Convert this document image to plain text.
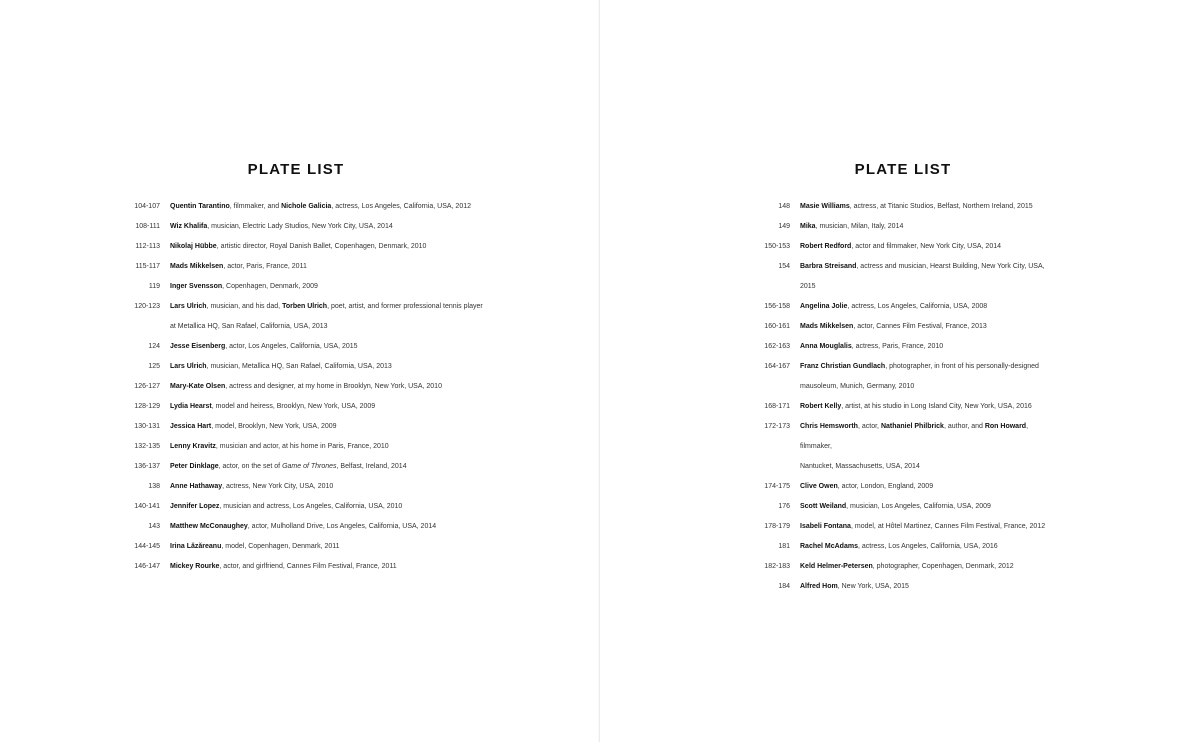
PLATE LIST
104-107	Quentin Tarantino, filmmaker, and Nichole Galicia, actress, Los Angeles, California, USA, 2012
108-111	Wiz Khalifa, musician, Electric Lady Studios, New York City, USA, 2014
112-113	Nikolaj Hübbe, artistic director, Royal Danish Ballet, Copenhagen, Denmark, 2010
115-117	Mads Mikkelsen, actor, Paris, France, 2011
119	Inger Svensson, Copenhagen, Denmark, 2009
120-123	Lars Ulrich, musician, and his dad, Torben Ulrich, poet, artist, and former professional tennis player
at Metallica HQ, San Rafael, California, USA, 2013
124	Jesse Eisenberg, actor, Los Angeles, California, USA, 2015
125	Lars Ulrich, musician, Metallica HQ, San Rafael, California, USA, 2013
126-127	Mary-Kate Olsen, actress and designer, at my home in Brooklyn, New York, USA, 2010
128-129	Lydia Hearst, model and heiress, Brooklyn, New York, USA, 2009
130-131	Jessica Hart, model, Brooklyn, New York, USA, 2009
132-135	Lenny Kravitz, musician and actor, at his home in Paris, France, 2010
136-137	Peter Dinklage, actor, on the set of Game of Thrones, Belfast, Ireland, 2014
138	Anne Hathaway, actress, New York City, USA, 2010
140-141	Jennifer Lopez, musician and actress, Los Angeles, California, USA, 2010
143	Matthew McConaughey, actor, Mulholland Drive, Los Angeles, California, USA, 2014
144-145	Irina Lăzăreanu, model, Copenhagen, Denmark, 2011
146-147	Mickey Rourke, actor, and girlfriend, Cannes Film Festival, France, 2011
PLATE LIST
148	Masie Williams, actress, at Titanic Studios, Belfast, Northern Ireland, 2015
149	Mika, musician, Milan, Italy, 2014
150-153	Robert Redford, actor and filmmaker, New York City, USA, 2014
154	Barbra Streisand, actress and musician, Hearst Building, New York City, USA, 2015
156-158	Angelina Jolie, actress, Los Angeles, California, USA, 2008
160-161	Mads Mikkelsen, actor, Cannes Film Festival, France, 2013
162-163	Anna Mouglalis, actress, Paris, France, 2010
164-167	Franz Christian Gundlach, photographer, in front of his personally-designed
mausoleum, Munich, Germany, 2010
168-171	Robert Kelly, artist, at his studio in Long Island City, New York, USA, 2016
172-173	Chris Hemsworth, actor, Nathaniel Philbrick, author, and Ron Howard, filmmaker,
Nantucket, Massachusetts, USA, 2014
174-175	Clive Owen, actor, London, England, 2009
176	Scott Weiland, musician, Los Angeles, California, USA, 2009
178-179	Isabeli Fontana, model, at Hôtel Martinez, Cannes Film Festival, France, 2012
181	Rachel McAdams, actress, Los Angeles, California, USA, 2016
182-183	Keld Helmer-Petersen, photographer, Copenhagen, Denmark, 2012
184	Alfred Hom, New York, USA, 2015
